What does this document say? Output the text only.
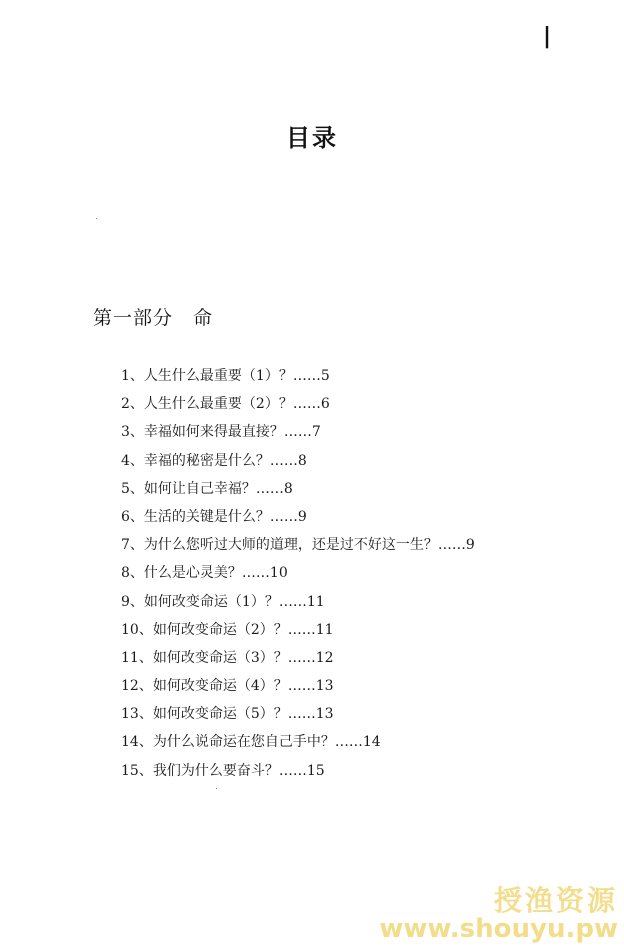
|
目录
第一部分　命
1、人生什么最重要（1）？……5
2、人生什么最重要（2）？……6
3、幸福如何来得最直接？……7
4、幸福的秘密是什么？……8
5、如何让自己幸福？……8
6、生活的关键是什么？……9
7、为什么您听过大师的道理，还是过不好这一生？……9
8、什么是心灵美？……10
9、如何改变命运（1）？……11
10、如何改变命运（2）？……11
11、如何改变命运（3）？……12
12、如何改变命运（4）？……13
13、如何改变命运（5）？……13
14、为什么说命运在您自己手中？……14
15、我们为什么要奋斗？……15
授渔资源
www.shouyu.pw
